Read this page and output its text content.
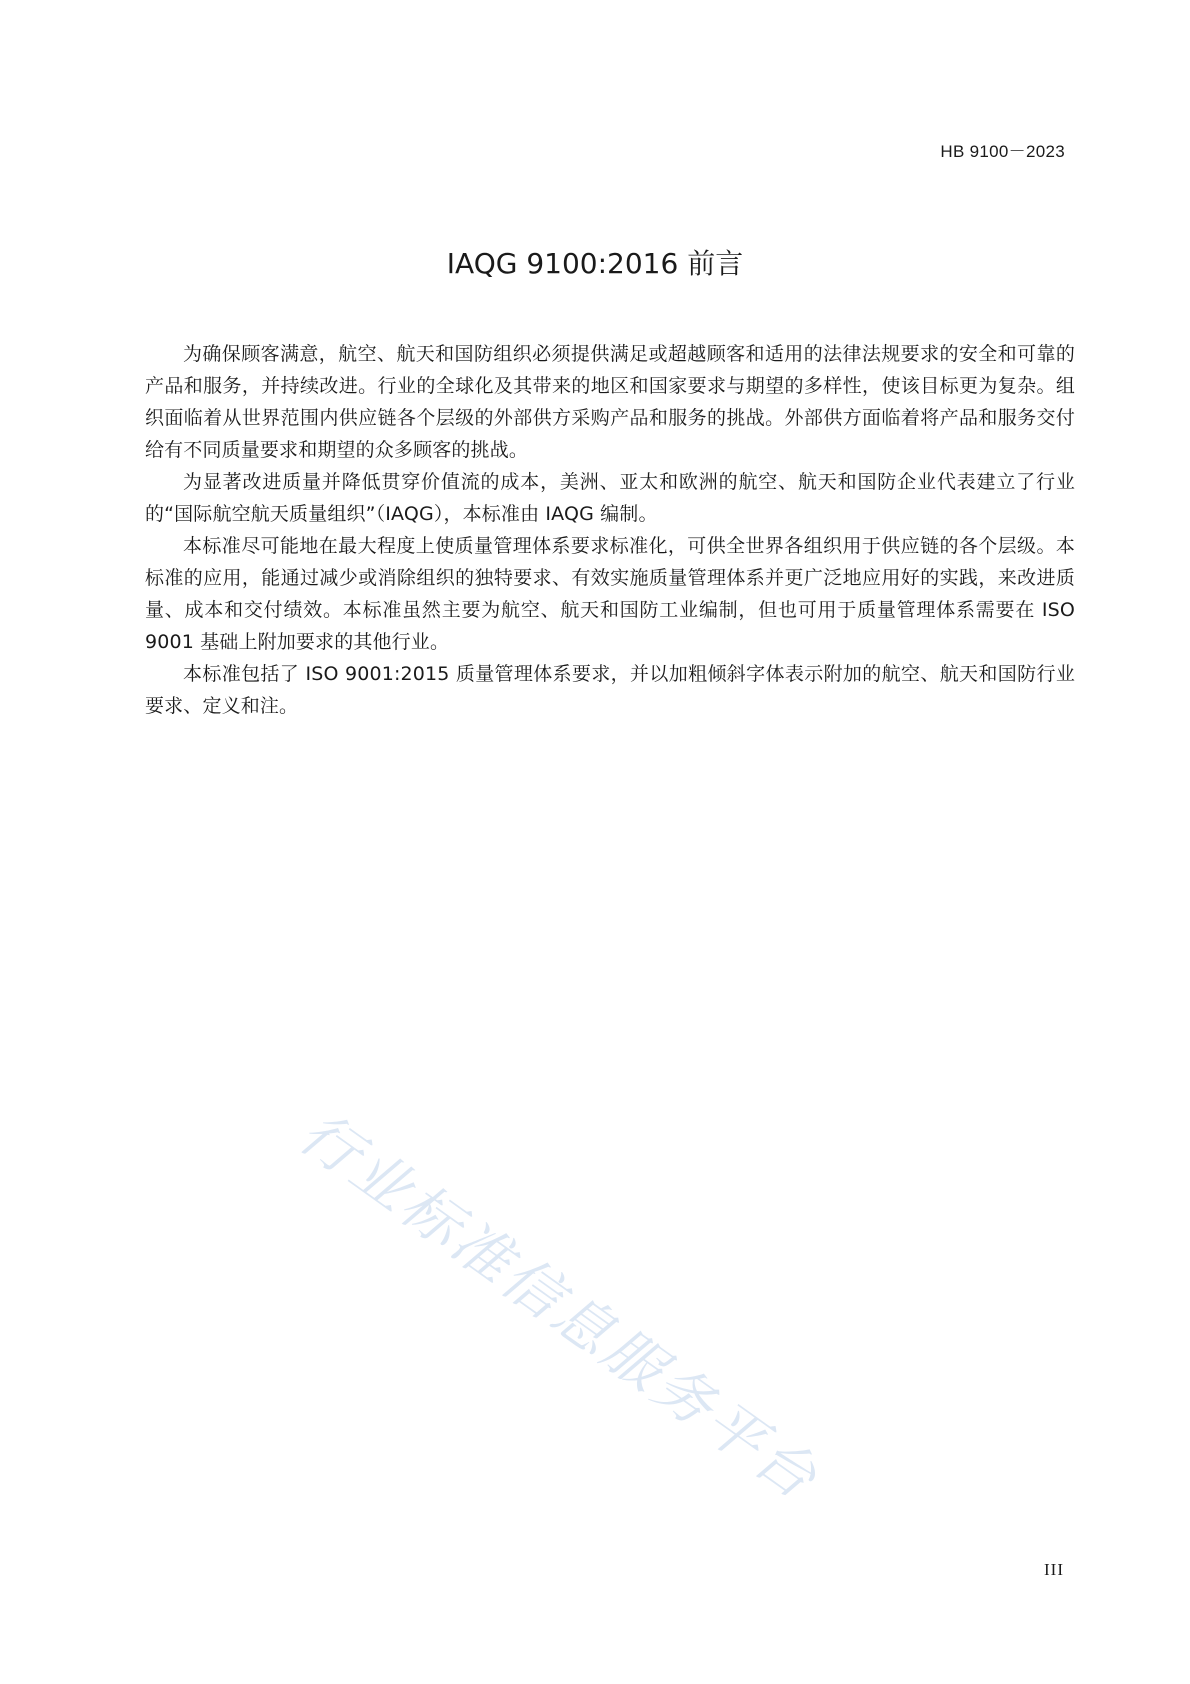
HB 9100－2023
IAQG 9100:2016 前言

为确保顾客满意，航空、航天和国防组织必须提供满足或超越顾客和适用的法律法规要求的安全和可靠的产品和服务，并持续改进。行业的全球化及其带来的地区和国家要求与期望的多样性，使该目标更为复杂。组织面临着从世界范围内供应链各个层级的外部供方采购产品和服务的挑战。外部供方面临着将产品和服务交付给有不同质量要求和期望的众多顾客的挑战。

为显著改进质量并降低贯穿价值流的成本，美洲、亚太和欧洲的航空、航天和国防企业代表建立了行业的“国际航空航天质量组织”（IAQG），本标准由 IAQG 编制。

本标准尽可能地在最大程度上使质量管理体系要求标准化，可供全世界各组织用于供应链的各个层级。本标准的应用，能通过减少或消除组织的独特要求、有效实施质量管理体系并更广泛地应用好的实践，来改进质量、成本和交付绩效。本标准虽然主要为航空、航天和国防工业编制，但也可用于质量管理体系需要在 ISO 9001 基础上附加要求的其他行业。

本标准包括了 ISO 9001:2015 质量管理体系要求，并以加粗倾斜字体表示附加的航空、航天和国防行业要求、定义和注。

行业标准信息服务平台
III
